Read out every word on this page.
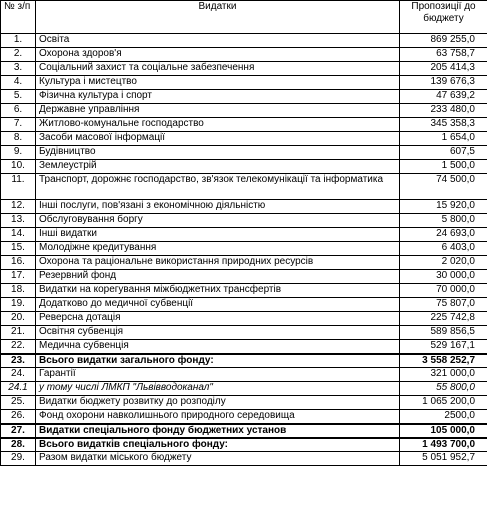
№ з/п	Видатки	Пропозиції до бюджету
1.	Освіта	869 255,0
2.	Охорона здоров'я	63 758,7
3.	Соціальний захист та соціальне забезпечення	205 414,3
4.	Культура і мистецтво	139 676,3
5.	Фізична культура і спорт	47 639,2
6.	Державне управління	233 480,0
7.	Житлово-комунальне господарство	345 358,3
8.	Засоби масової інформації	1 654,0
9.	Будівництво	607,5
10.	Землеустрій	1 500,0
11.	Транспорт, дорожнє господарство, зв'язок телекомунікації та інформатика	74 500,0
12.	Інші послуги, пов'язані з економічною діяльністю	15 920,0
13.	Обслуговування боргу	5 800,0
14.	Інші видатки	24 693,0
15.	Молодіжне кредитування	6 403,0
16.	Охорона та раціональне використання природних ресурсів	2 020,0
17.	Резервний фонд	30 000,0
18.	Видатки на корегування міжбюджетних трансфертів	70 000,0
19.	Додатково до медичної субвенції	75 807,0
20.	Реверсна дотація	225 742,8
21.	Освітня субвенція	589 856,5
22.	Медична субвенція	529 167,1
23.	Всього видатки загального фонду:	3 558 252,7
24.	Гарантії	321 000,0
24.1	у тому числі ЛМКП "Львівводоканал"	55 800,0
25.	Видатки бюджету розвитку до розподілу	1 065 200,0
26.	Фонд охорони навколишнього природного середовища	2500,0
27.	Видатки спеціального фонду бюджетних установ	105 000,0
28.	Всього видатків спеціального фонду:	1 493 700,0
29.	Разом видатки міського бюджету	5 051 952,7
